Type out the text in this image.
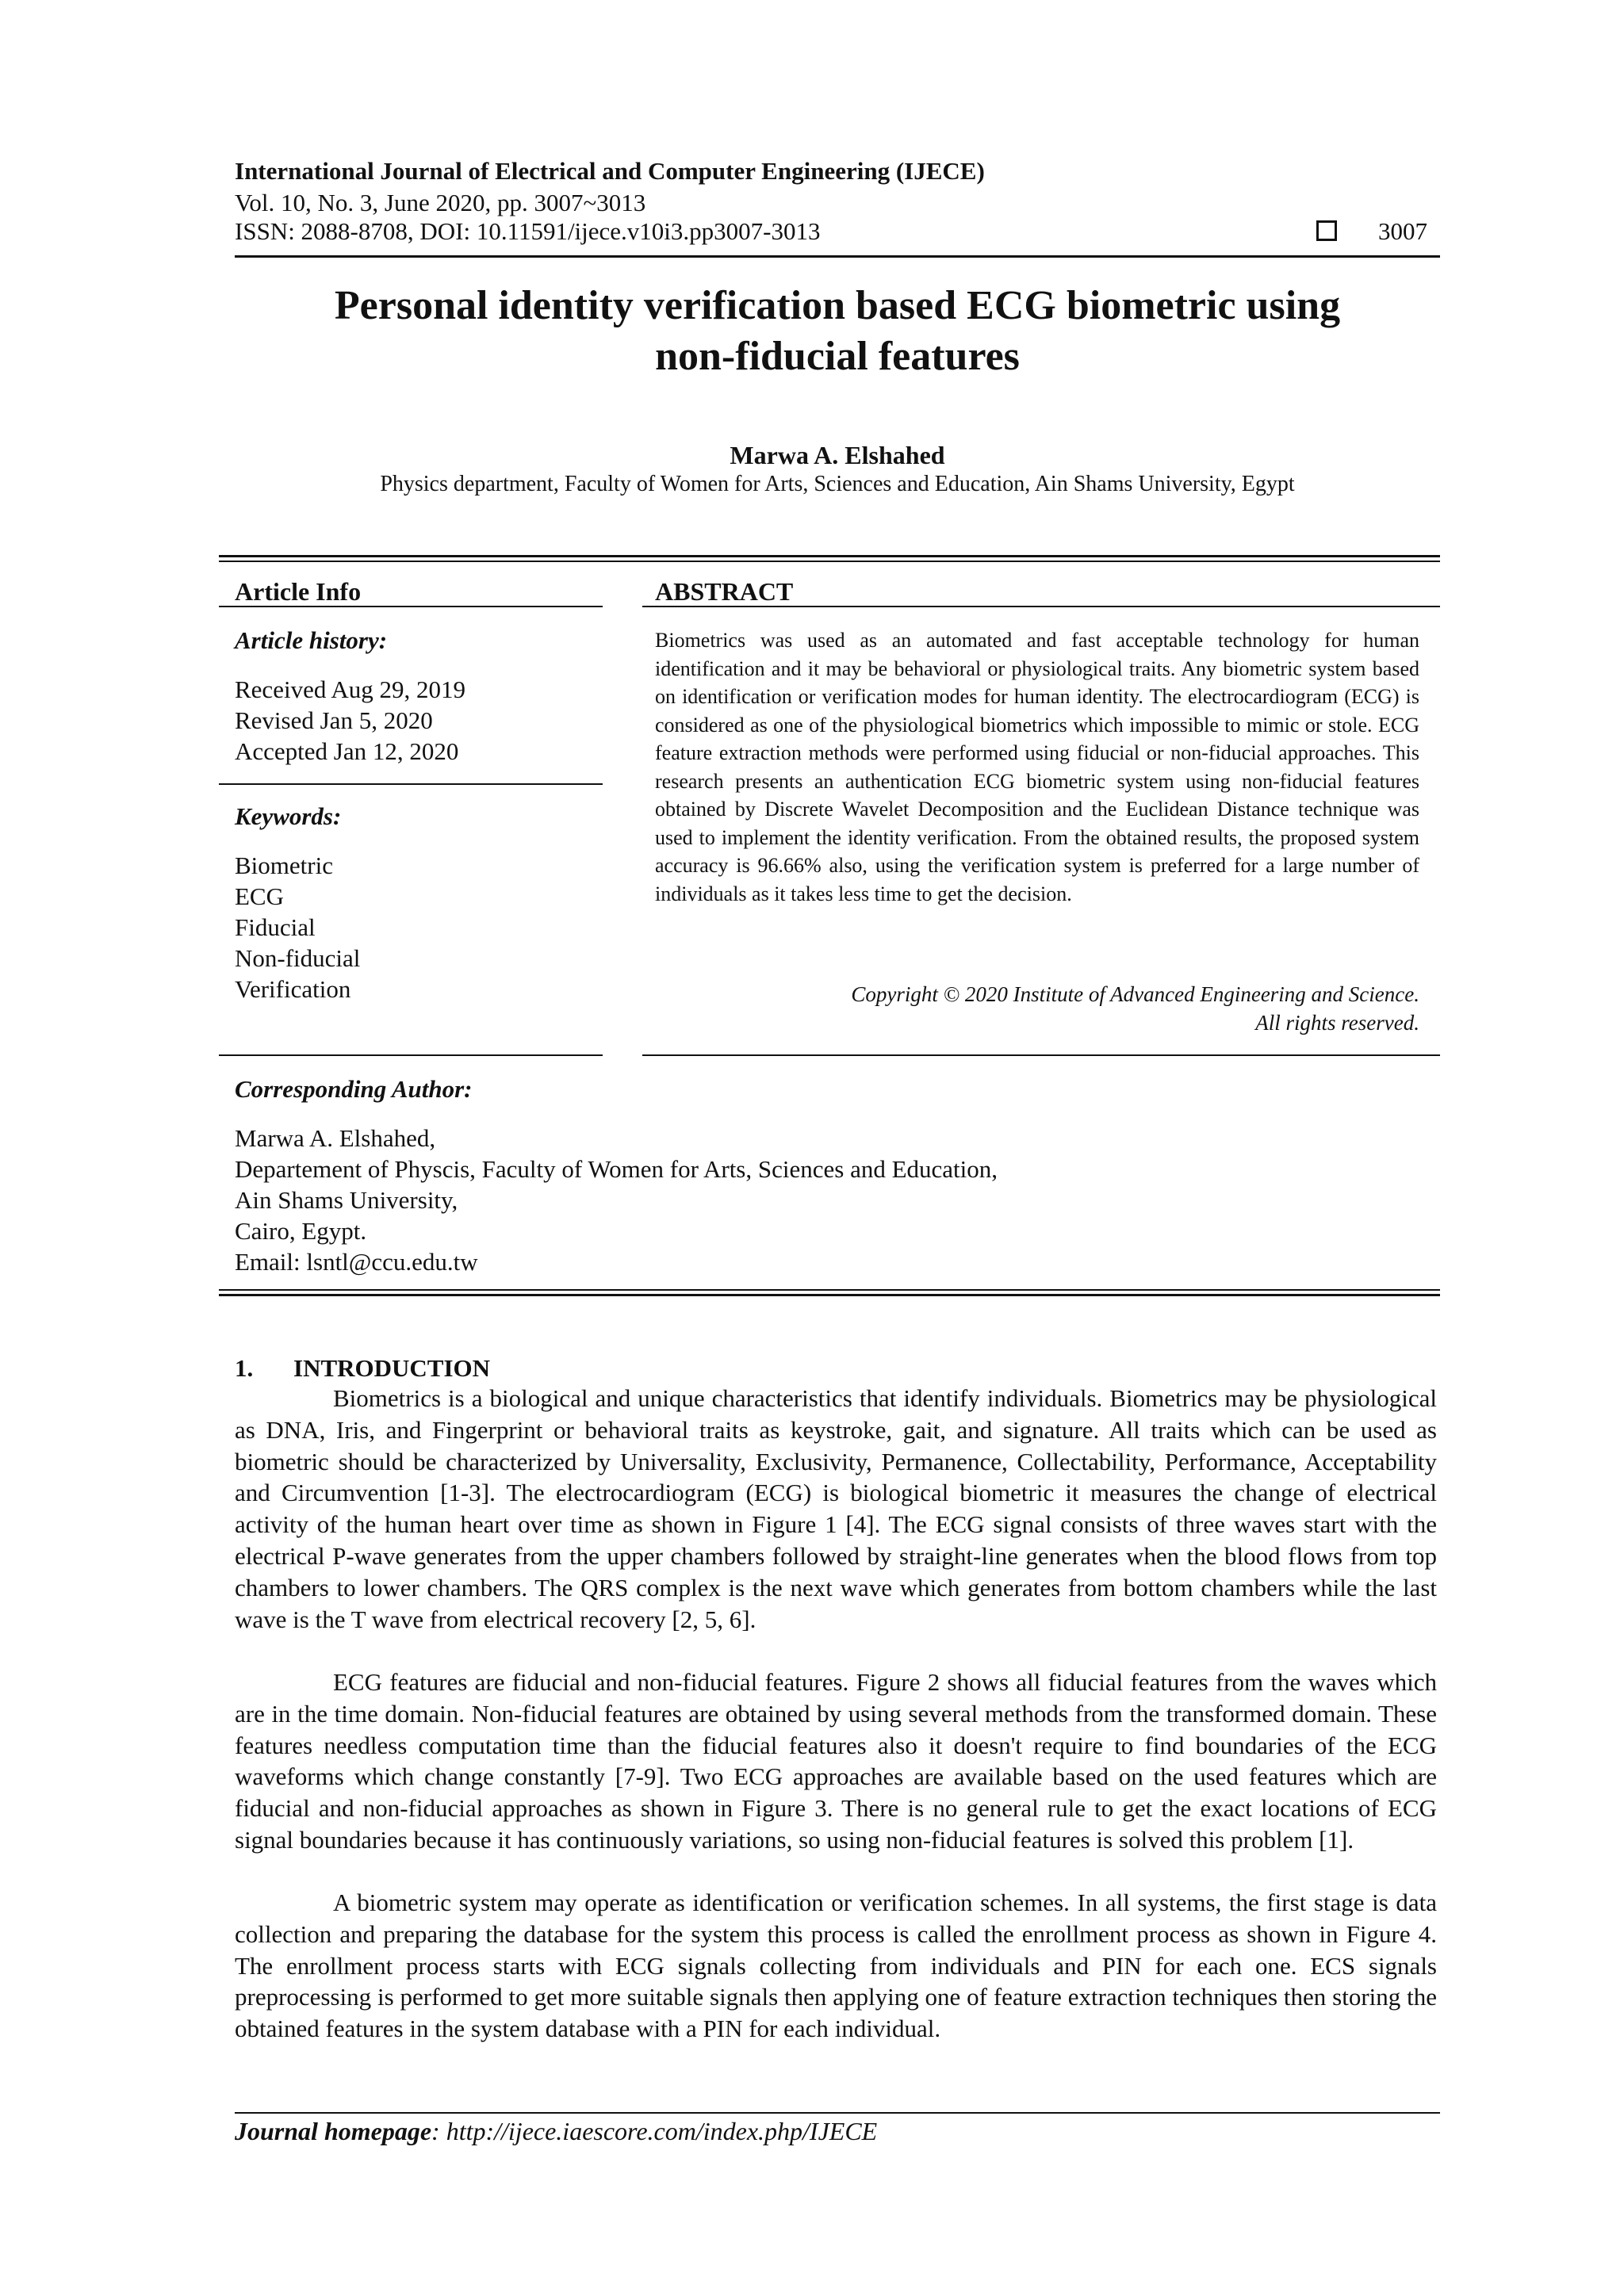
International Journal of Electrical and Computer Engineering (IJECE)
Vol. 10, No. 3, June 2020, pp. 3007~3013
ISSN: 2088-8708, DOI: 10.11591/ijece.v10i3.pp3007-3013	3007
Personal identity verification based ECG biometric using
non-fiducial features
Marwa A. Elshahed
Physics department, Faculty of Women for Arts, Sciences and Education, Ain Shams University, Egypt
Article Info
Article history:
Received Aug 29, 2019
Revised Jan 5, 2020
Accepted Jan 12, 2020
Keywords:
Biometric
ECG
Fiducial
Non-fiducial
Verification
ABSTRACT
Biometrics was used as an automated and fast acceptable technology for human identification and it may be behavioral or physiological traits. Any biometric system based on identification or verification modes for human identity. The electrocardiogram (ECG) is considered as one of the physiological biometrics which impossible to mimic or stole. ECG feature extraction methods were performed using fiducial or non-fiducial approaches. This research presents an authentication ECG biometric system using non-fiducial features obtained by Discrete Wavelet Decomposition and the Euclidean Distance technique was used to implement the identity verification. From the obtained results, the proposed system accuracy is 96.66% also, using the verification system is preferred for a large number of individuals as it takes less time to get the decision.
Copyright © 2020 Institute of Advanced Engineering and Science.
All rights reserved.
Corresponding Author:
Marwa A. Elshahed,
Departement of Physcis, Faculty of Women for Arts, Sciences and Education,
Ain Shams University,
Cairo, Egypt.
Email: lsntl@ccu.edu.tw
1. INTRODUCTION
Biometrics is a biological and unique characteristics that identify individuals. Biometrics may be physiological as DNA, Iris, and Fingerprint or behavioral traits as keystroke, gait, and signature. All traits which can be used as biometric should be characterized by Universality, Exclusivity, Permanence, Collectability, Performance, Acceptability and Circumvention [1-3]. The electrocardiogram (ECG) is biological biometric it measures the change of electrical activity of the human heart over time as shown in Figure 1 [4]. The ECG signal consists of three waves start with the electrical P-wave generates from the upper chambers followed by straight-line generates when the blood flows from top chambers to lower chambers. The QRS complex is the next wave which generates from bottom chambers while the last wave is the T wave from electrical recovery [2, 5, 6].
ECG features are fiducial and non-fiducial features. Figure 2 shows all fiducial features from the waves which are in the time domain. Non-fiducial features are obtained by using several methods from the transformed domain. These features needless computation time than the fiducial features also it doesn't require to find boundaries of the ECG waveforms which change constantly [7-9]. Two ECG approaches are available based on the used features which are fiducial and non-fiducial approaches as shown in Figure 3. There is no general rule to get the exact locations of ECG signal boundaries because it has continuously variations, so using non-fiducial features is solved this problem [1].
A biometric system may operate as identification or verification schemes. In all systems, the first stage is data collection and preparing the database for the system this process is called the enrollment process as shown in Figure 4. The enrollment process starts with ECG signals collecting from individuals and PIN for each one. ECS signals preprocessing is performed to get more suitable signals then applying one of feature extraction techniques then storing the obtained features in the system database with a PIN for each individual.
Journal homepage: http://ijece.iaescore.com/index.php/IJECE
